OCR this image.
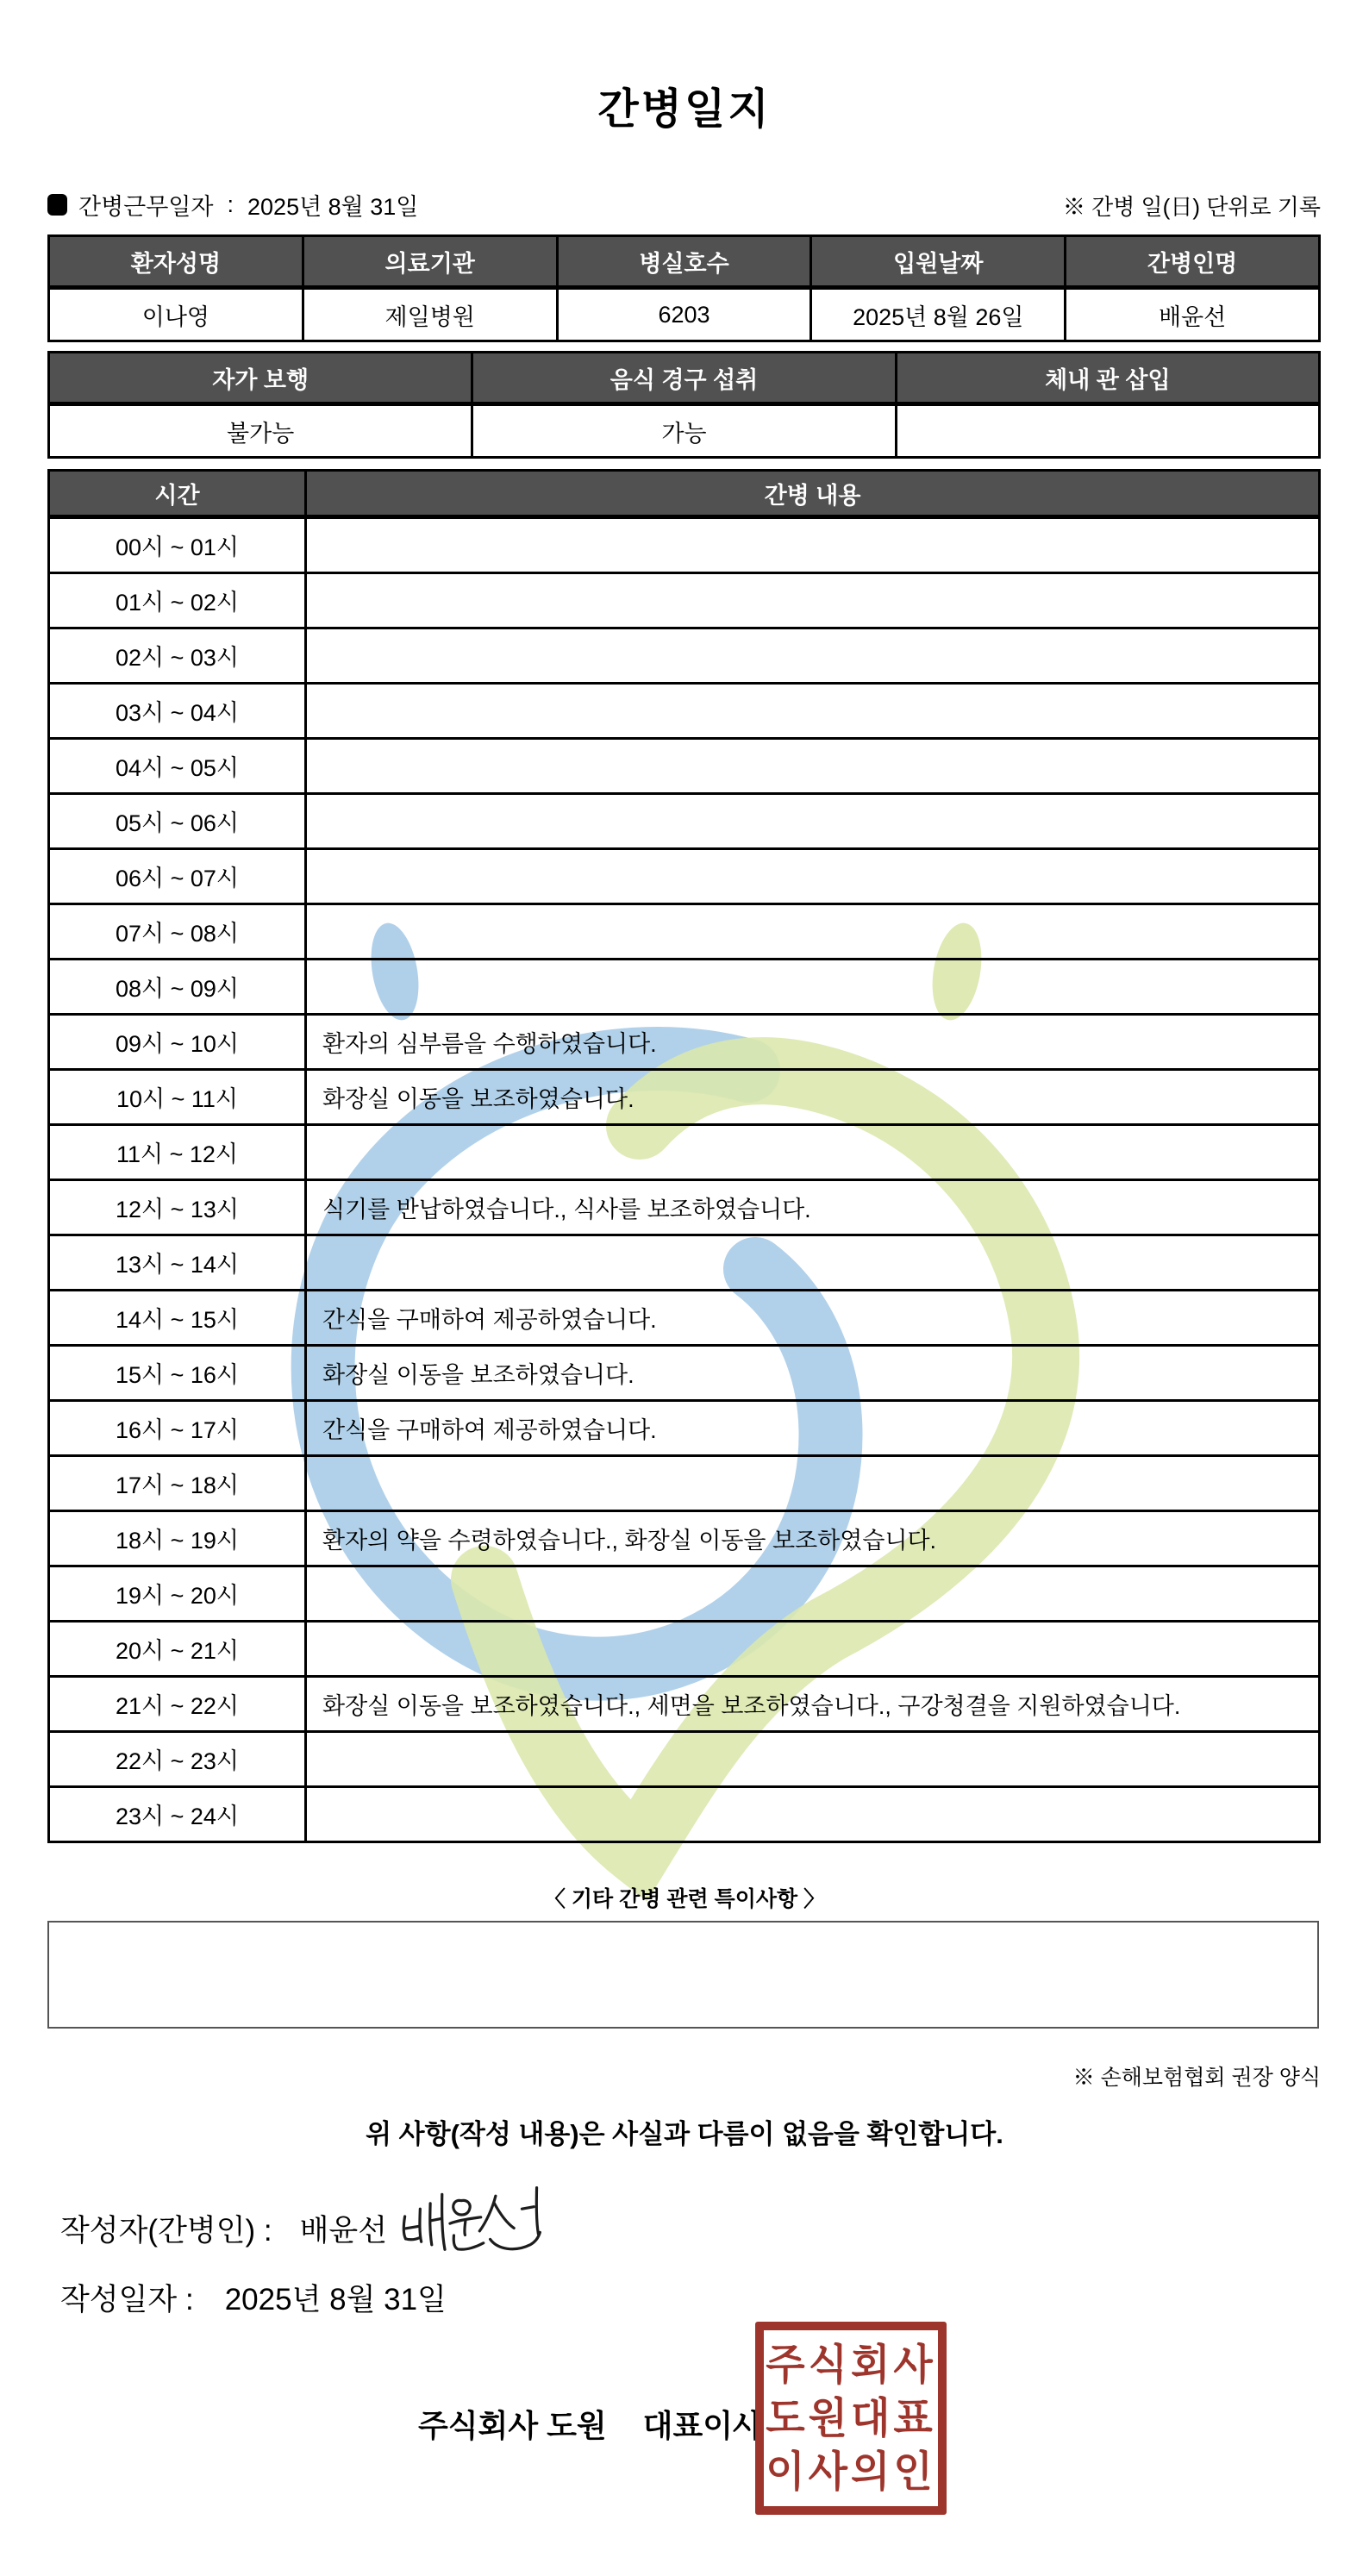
간병일지
간병근무일자 : 2025년 8월 31일	※ 간병 일(日) 단위로 기록
환자성명	의료기관	병실호수	입원날짜	간병인명
이나영	제일병원	6203	2025년 8월 26일	배윤선
자가 보행	음식 경구 섭취	체내 관 삽입
불가능	가능	
시간	간병 내용
00시 ~ 01시	
01시 ~ 02시	
02시 ~ 03시	
03시 ~ 04시	
04시 ~ 05시	
05시 ~ 06시	
06시 ~ 07시	
07시 ~ 08시	
08시 ~ 09시	
09시 ~ 10시	환자의 심부름을 수행하였습니다.
10시 ~ 11시	화장실 이동을 보조하였습니다.
11시 ~ 12시	
12시 ~ 13시	식기를 반납하였습니다., 식사를 보조하였습니다.
13시 ~ 14시	
14시 ~ 15시	간식을 구매하여 제공하였습니다.
15시 ~ 16시	화장실 이동을 보조하였습니다.
16시 ~ 17시	간식을 구매하여 제공하였습니다.
17시 ~ 18시	
18시 ~ 19시	환자의 약을 수령하였습니다., 화장실 이동을 보조하였습니다.
19시 ~ 20시	
20시 ~ 21시	
21시 ~ 22시	화장실 이동을 보조하였습니다., 세면을 보조하였습니다., 구강청결을 지원하였습니다.
22시 ~ 23시	
23시 ~ 24시	
〈 기타 간병 관련 특이사항 〉
※ 손해보험협회 권장 양식
위 사항(작성 내용)은 사실과 다름이 없음을 확인합니다.
작성자(간병인) : 배윤선
작성일자 : 2025년 8월 31일
주식회사 도원 대표이사
주식회사
도원대표
이사의인
